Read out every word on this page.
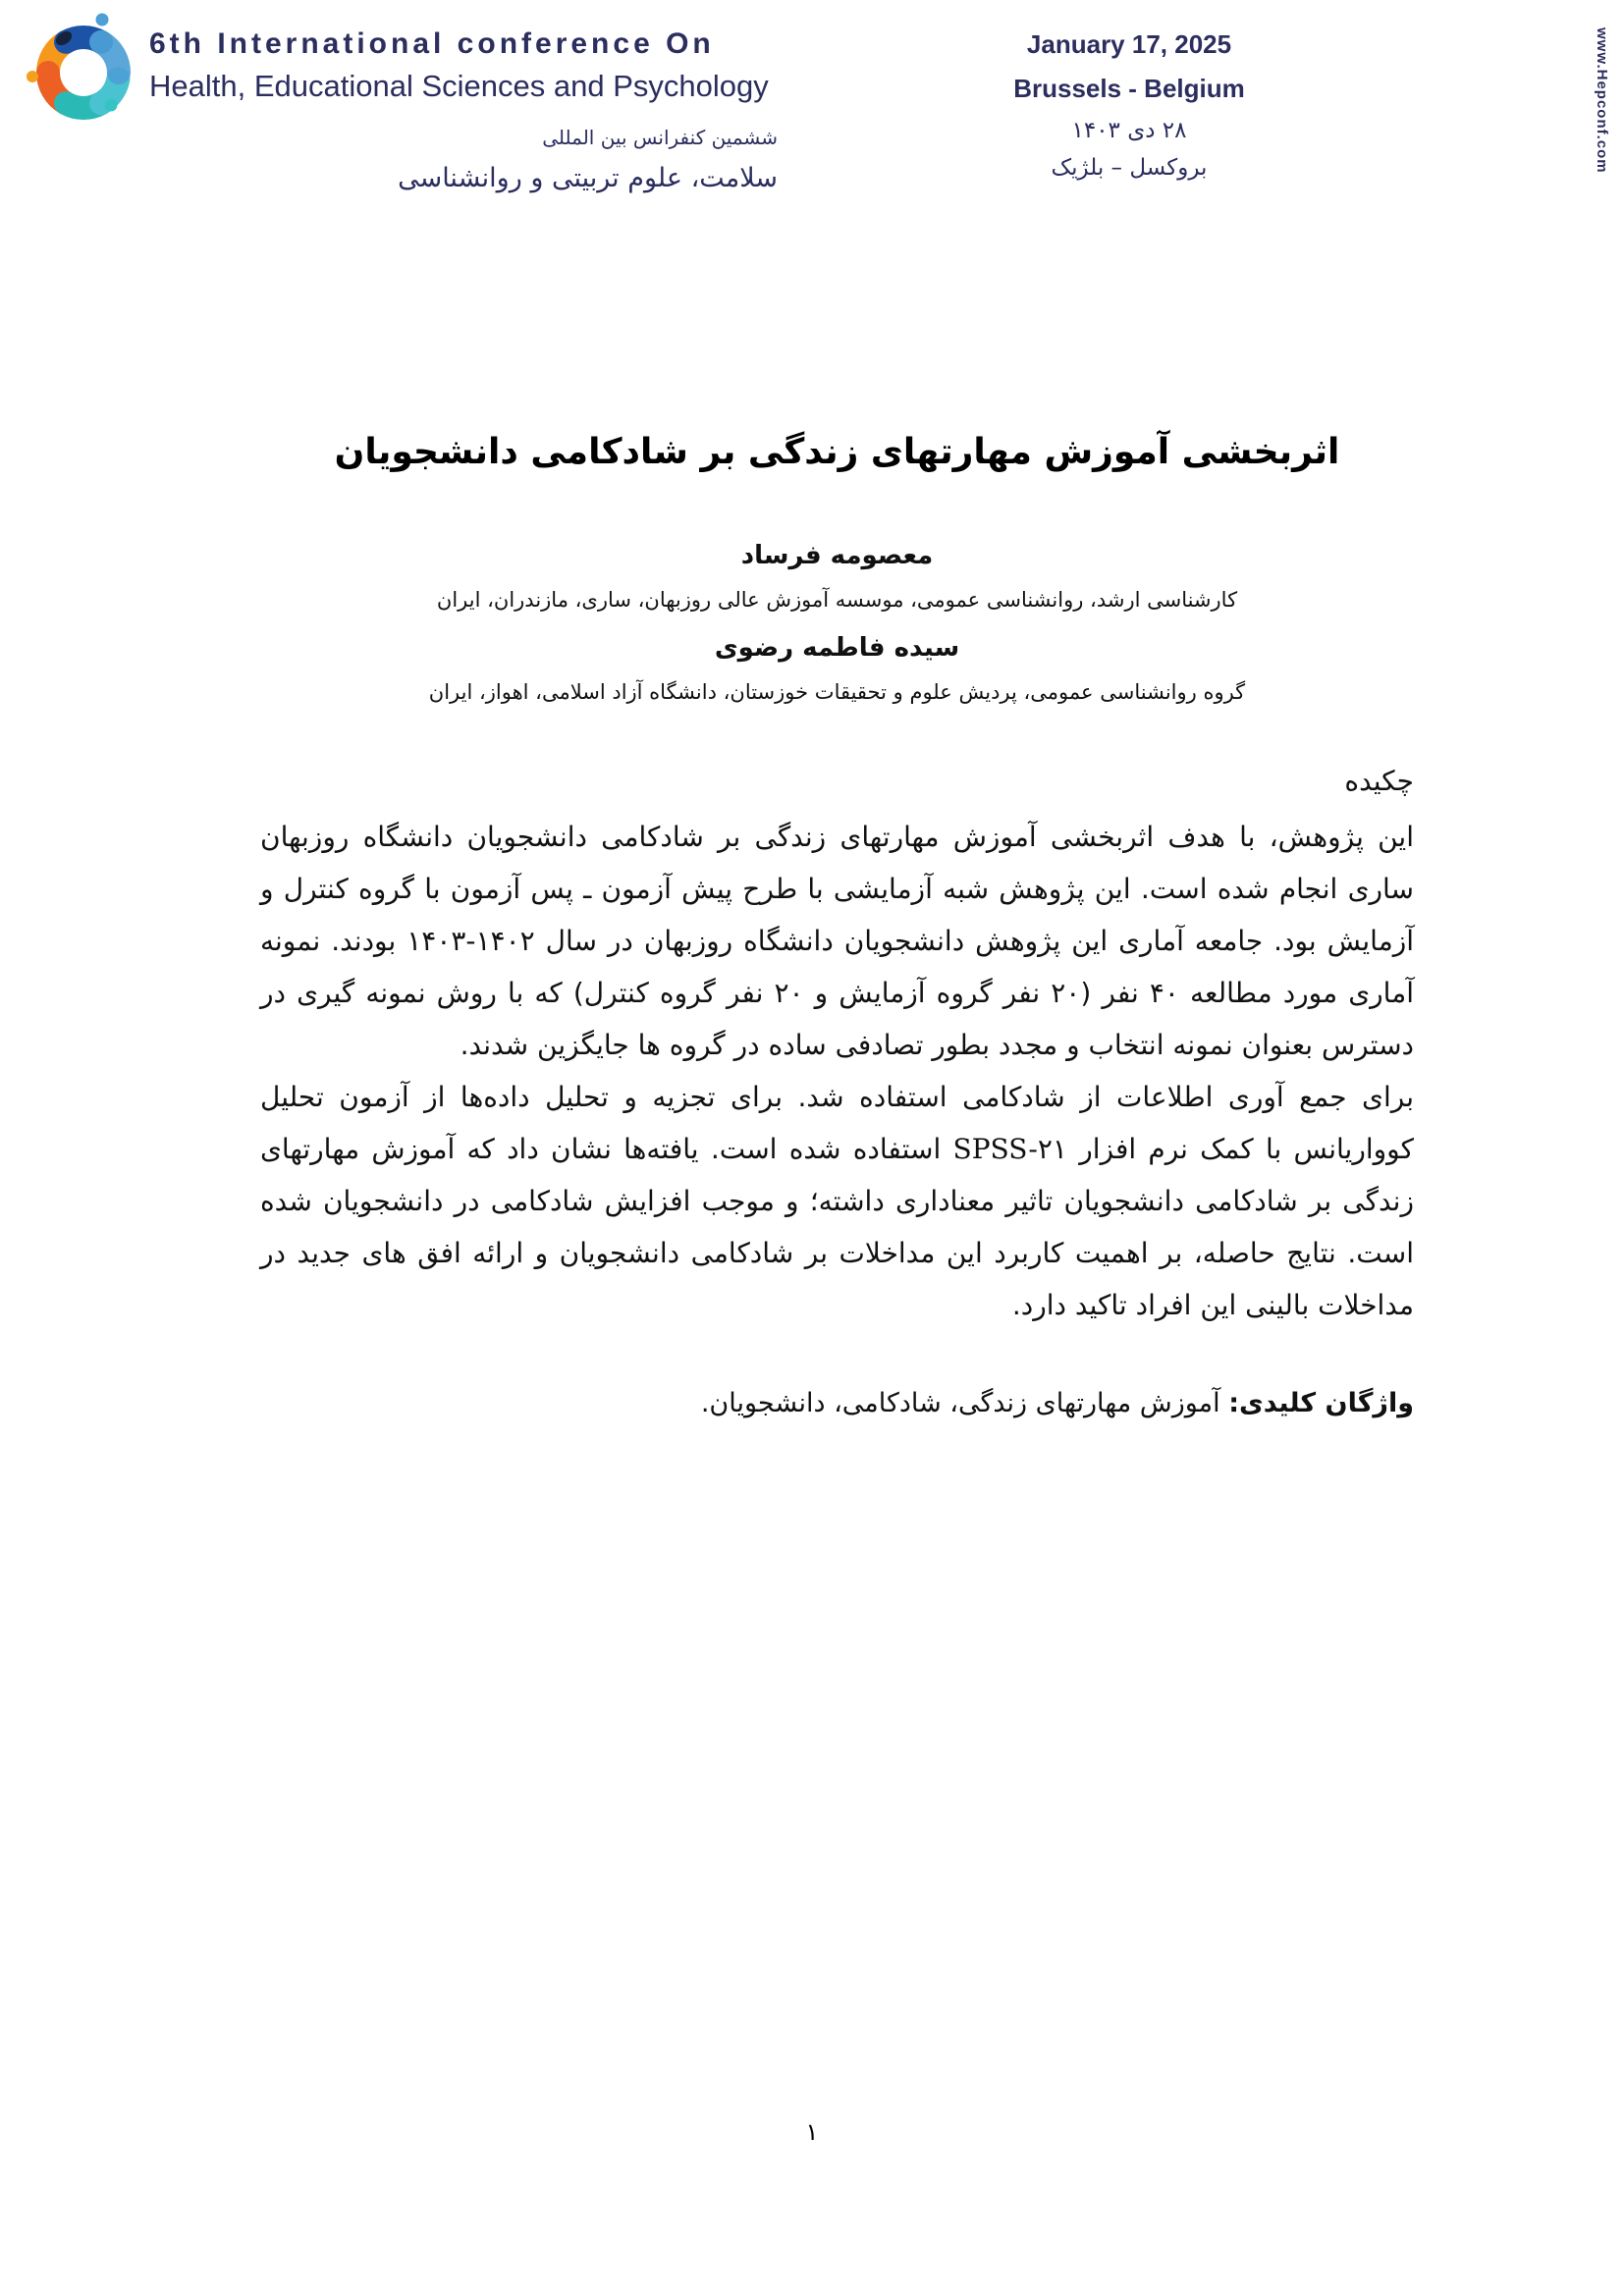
6th International conference On
Health, Educational Sciences and Psychology
ششمین کنفرانس بین المللی
سلامت، علوم تربیتی و روانشناسی
January 17, 2025
Brussels - Belgium
۲۸ دی ۱۴۰۳
بروکسل – بلژیک	www.Hepconf.com
اثربخشی آموزش مهارتهای زندگی بر شادکامی دانشجویان
معصومه فرساد
کارشناسی ارشد، روانشناسی عمومی، موسسه آموزش عالی روزبهان، ساری، مازندران، ایران
سیده فاطمه رضوی
گروه روانشناسی عمومی، پردیش علوم و تحقیقات خوزستان، دانشگاه آزاد اسلامی، اهواز، ایران
چکیده

این پژوهش، با هدف اثربخشی آموزش مهارتهای زندگی بر شادکامی دانشجویان دانشگاه روزبهان ساری انجام شده است. این پژوهش شبه آزمایشی با طرح پیش آزمون ـ پس آزمون با گروه کنترل و آزمایش بود. جامعه آماری این پژوهش دانشجویان دانشگاه روزبهان در سال ۱۴۰۲-۱۴۰۳ بودند. نمونه آماری مورد مطالعه ۴۰ نفر (۲۰ نفر گروه آزمایش و ۲۰ نفر گروه کنترل) که با روش نمونه گیری در دسترس بعنوان نمونه انتخاب و مجدد بطور تصادفی ساده در گروه ها جایگزین شدند.

برای جمع آوری اطلاعات از شادکامی استفاده شد. برای تجزیه و تحلیل داده‌ها از آزمون تحلیل کوواریانس با کمک نرم افزار SPSS-۲۱ استفاده شده است. یافته‌ها نشان داد که آموزش مهارتهای زندگی بر شادکامی دانشجویان تاثیر معناداری داشته؛ و موجب افزایش شادکامی در دانشجویان شده است. نتایج حاصله، بر اهمیت کاربرد این مداخلات بر شادکامی دانشجویان و ارائه افق های جدید در مداخلات بالینی این افراد تاکید دارد.

واژگان کلیدی: آموزش مهارتهای زندگی، شادکامی، دانشجویان.
۱
